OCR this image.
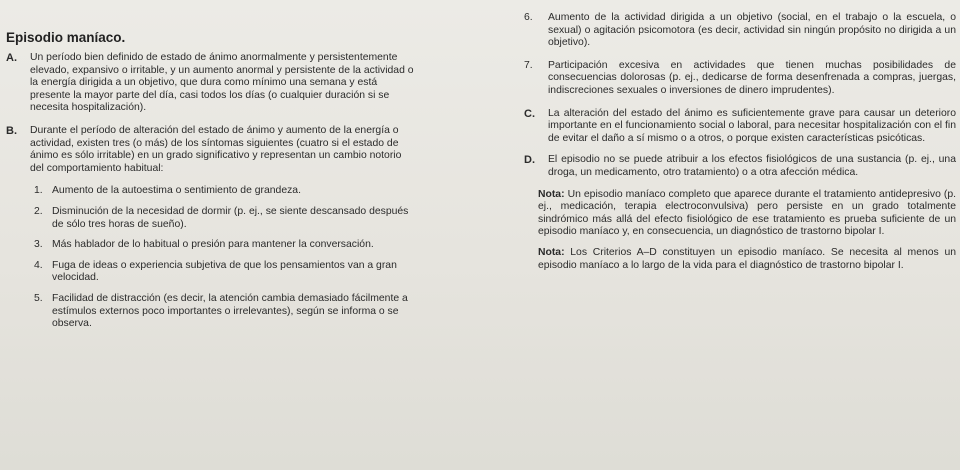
Episodio maníaco.
A.	Un período bien definido de estado de ánimo anormalmente y persistentemente elevado, expansivo o irritable, y un aumento anormal y persistente de la actividad o la energía dirigida a un objetivo, que dura como mínimo una semana y está presente la mayor parte del día, casi todos los días (o cualquier duración si se necesita hospitalización).
B.	Durante el período de alteración del estado de ánimo y aumento de la energía o actividad, existen tres (o más) de los síntomas siguientes (cuatro si el estado de ánimo es sólo irritable) en un grado significativo y representan un cambio notorio del comportamiento habitual:
1. Aumento de la autoestima o sentimiento de grandeza.
2. Disminución de la necesidad de dormir (p. ej., se siente descansado después de sólo tres horas de sueño).
3. Más hablador de lo habitual o presión para mantener la conversación.
4. Fuga de ideas o experiencia subjetiva de que los pensamientos van a gran velocidad.
5. Facilidad de distracción (es decir, la atención cambia demasiado fácilmente a estímulos externos poco importantes o irrelevantes), según se informa o se observa.
6.	Aumento de la actividad dirigida a un objetivo (social, en el trabajo o la escuela, o sexual) o agitación psicomotora (es decir, actividad sin ningún propósito no dirigida a un objetivo).
7.	Participación excesiva en actividades que tienen muchas posibilidades de consecuencias dolorosas (p. ej., dedicarse de forma desenfrenada a compras, juergas, indiscreciones sexuales o inversiones de dinero imprudentes).
C.	La alteración del estado del ánimo es suficientemente grave para causar un deterioro importante en el funcionamiento social o laboral, para necesitar hospitalización con el fin de evitar el daño a sí mismo o a otros, o porque existen características psicóticas.
D.	El episodio no se puede atribuir a los efectos fisiológicos de una sustancia (p. ej., una droga, un medicamento, otro tratamiento) o a otra afección médica.
Nota: Un episodio maníaco completo que aparece durante el tratamiento antidepresivo (p. ej., medicación, terapia electroconvulsiva) pero persiste en un grado totalmente sindrómico más allá del efecto fisiológico de ese tratamiento es prueba suficiente de un episodio maníaco y, en consecuencia, un diagnóstico de trastorno bipolar I.
Nota: Los Criterios A–D constituyen un episodio maníaco. Se necesita al menos un episodio maníaco a lo largo de la vida para el diagnóstico de trastorno bipolar I.
